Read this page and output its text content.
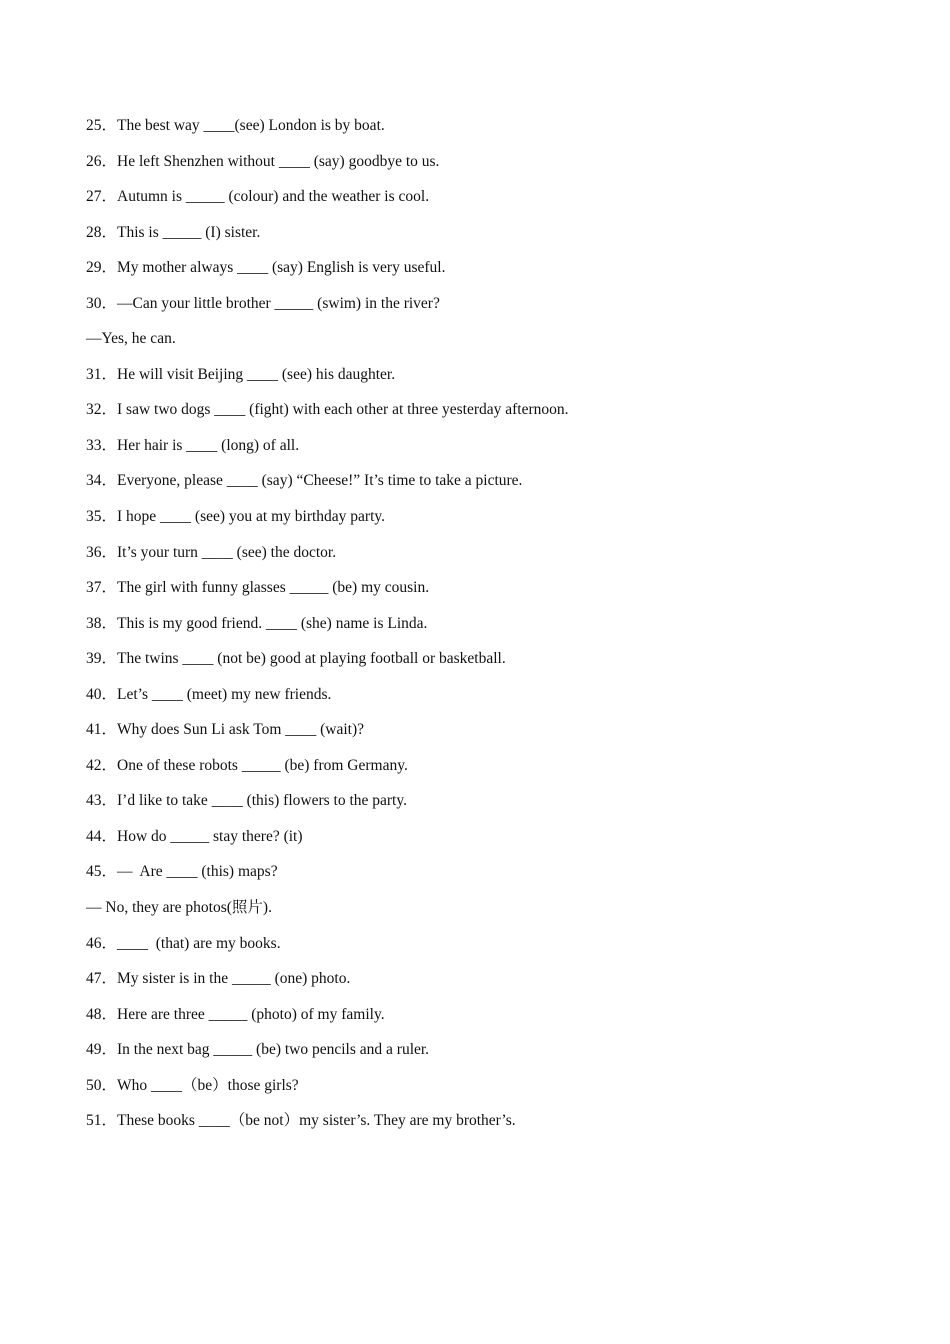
25．The best way ____(see) London is by boat.
26．He left Shenzhen without ____ (say) goodbye to us.
27．Autumn is _____ (colour) and the weather is cool.
28．This is _____ (I) sister.
29．My mother always ____ (say) English is very useful.
30．—Can your little brother _____ (swim) in the river?
—Yes, he can.
31．He will visit Beijing ____ (see) his daughter.
32．I saw two dogs ____ (fight) with each other at three yesterday afternoon.
33．Her hair is ____ (long) of all.
34．Everyone, please ____ (say) “Cheese!” It’s time to take a picture.
35．I hope ____ (see) you at my birthday party.
36．It’s your turn ____ (see) the doctor.
37．The girl with funny glasses _____ (be) my cousin.
38．This is my good friend. ____ (she) name is Linda.
39．The twins ____ (not be) good at playing football or basketball.
40．Let’s ____ (meet) my new friends.
41．Why does Sun Li ask Tom ____ (wait)?
42．One of these robots _____ (be) from Germany.
43．I’d like to take ____ (this) flowers to the party.
44．How do _____ stay there? (it)
45．—  Are ____ (this) maps?
— No, they are photos(照片).
46．____  (that) are my books.
47．My sister is in the _____ (one) photo.
48．Here are three _____ (photo) of my family.
49．In the next bag _____ (be) two pencils and a ruler.
50．Who ____（be）those girls?
51．These books ____（be not）my sister’s. They are my brother’s.
